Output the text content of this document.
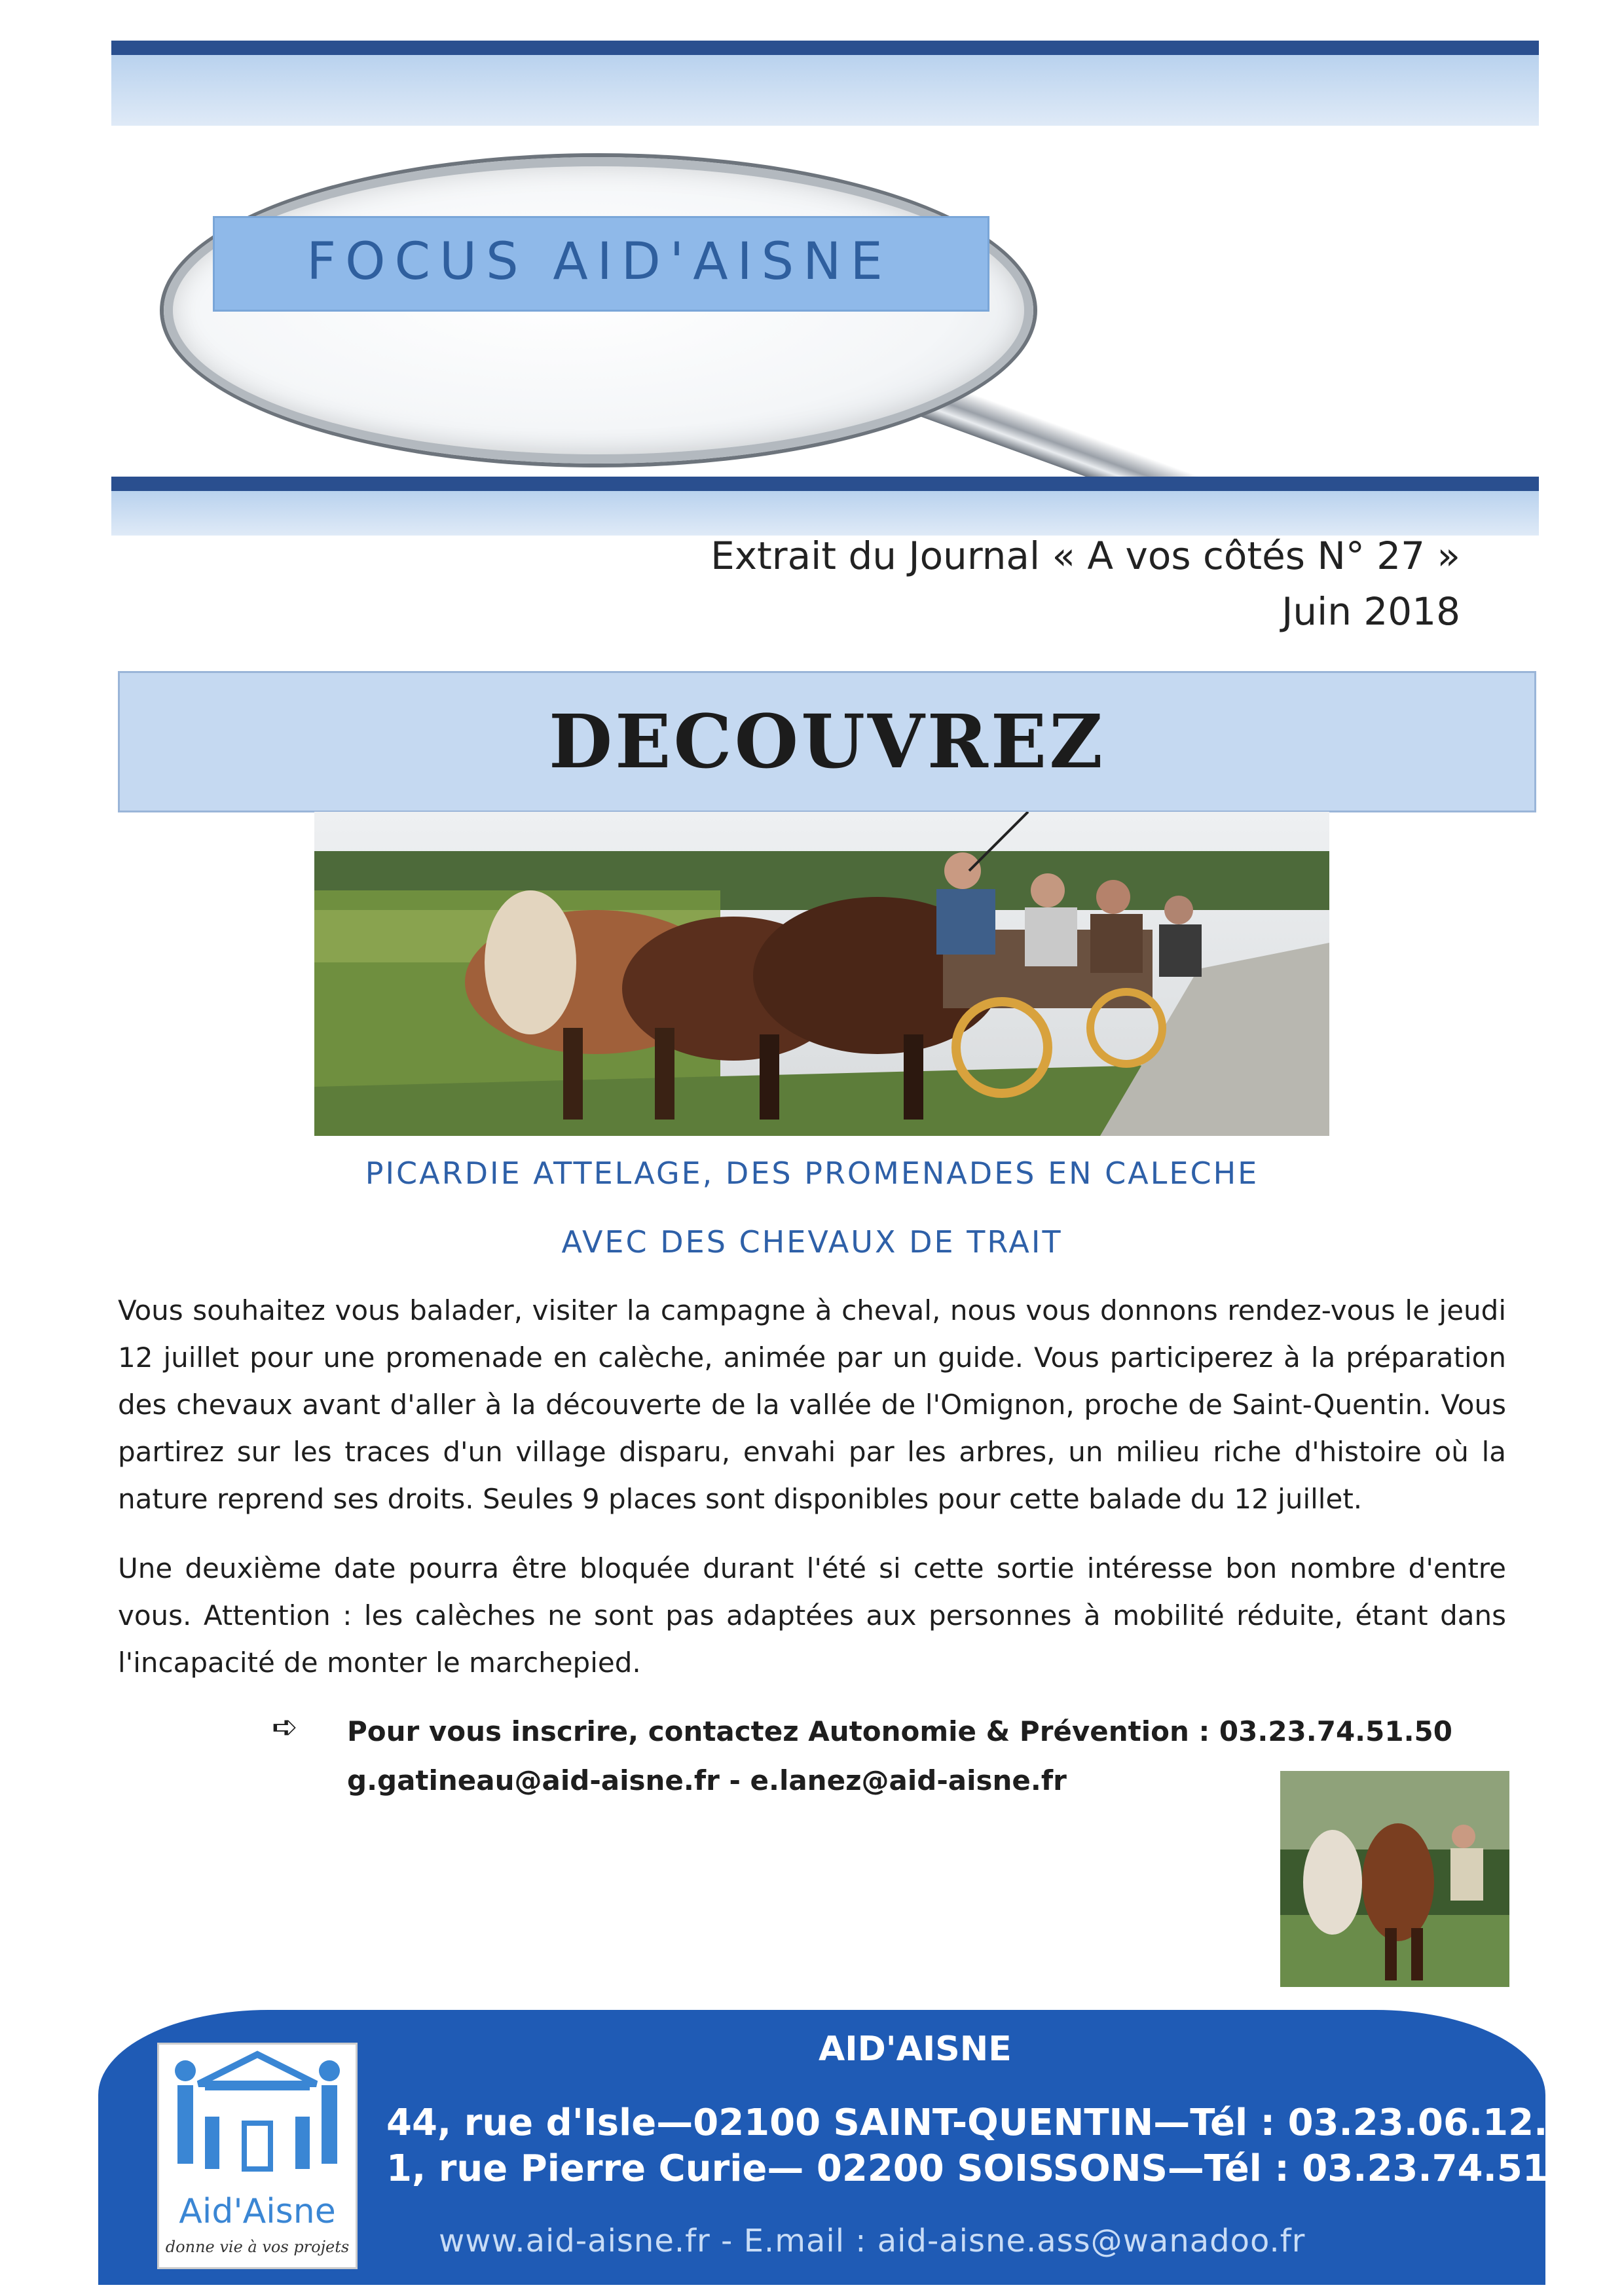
FOCUS AID'AISNE
Extrait du Journal « A vos côtés N° 27 »
Juin 2018
DECOUVREZ
PICARDIE ATTELAGE, DES PROMENADES EN CALECHE
AVEC DES CHEVAUX DE TRAIT

Vous souhaitez vous balader, visiter la campagne à cheval, nous vous donnons rendez-vous le jeudi 12 juillet pour une promenade en calèche, animée par un guide. Vous participerez à la préparation des chevaux avant d'aller à la découverte de la vallée de l'Omignon, proche de Saint-Quentin. Vous partirez sur les traces d'un village disparu, envahi par les arbres, un milieu riche d'histoire où la nature reprend ses droits. Seules 9 places sont disponibles pour cette balade du 12 juillet.

Une deuxième date pourra être bloquée durant l'été si cette sortie intéresse bon nombre d'entre vous. Attention : les calèches ne sont pas adaptées aux personnes à mobilité réduite, étant dans l'incapacité de monter le marchepied.

➪ Pour vous inscrire, contactez Autonomie & Prévention : 03.23.74.51.50
g.gatineau@aid-aisne.fr - e.lanez@aid-aisne.fr
Aid'Aisne
donne vie à vos projets
AID'AISNE
44, rue d'Isle—02100 SAINT-QUENTIN—Tél : 03.23.06.12.64
1, rue Pierre Curie— 02200 SOISSONS—Tél : 03.23.74.51.50
www.aid-aisne.fr - E.mail : aid-aisne.ass@wanadoo.fr
